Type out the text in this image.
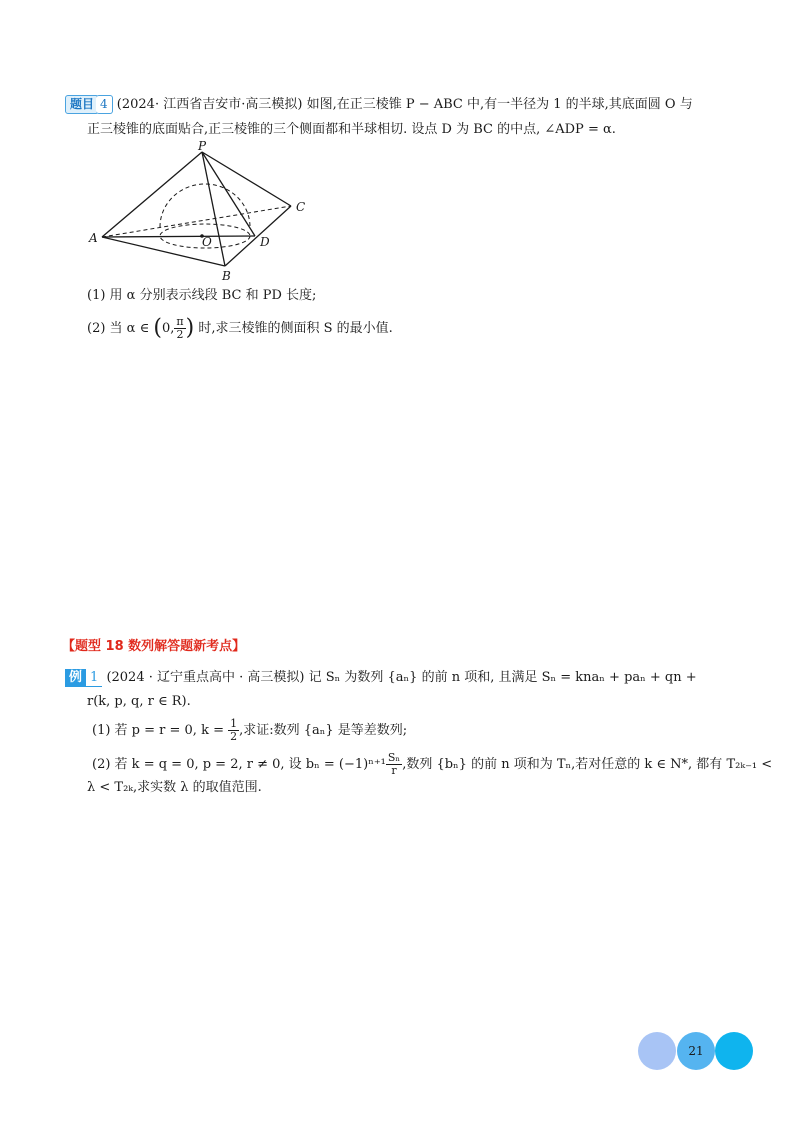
题目 4 (2024· 江西省吉安市·高三模拟) 如图,在正三棱锥 P − ABC 中,有一半径为 1 的半球,其底面圆 O 与
正三棱锥的底面贴合,正三棱锥的三个侧面都和半球相切. 设点 D 为 BC 的中点, ∠ADP = α.
P
A
B
C
D
O
(1) 用 α 分别表示线段 BC 和 PD 长度;
(2) 当 α ∈ (0, $\frac{\pi}{2}$ ) 时,求三棱锥的侧面积 S 的最小值.
【题型 18 数列解答题新考点】
例 1 (2024 · 辽宁重点高中 · 高三模拟) 记 Sₙ 为数列 {aₙ} 的前 n 项和, 且满足 Sₙ = knaₙ + paₙ + qn +
r(k, p, q, r ∈ R).
(1) 若 p = r = 0, $k = \frac{1}{2}$ ,求证:数列 {aₙ} 是等差数列;
(2) 若 k = q = 0, p = 2, r ≠ 0, 设 $b_n = (-1)^{n+1} \frac{\text{Sₙ}}{r}$ ,数列 {bₙ} 的前 n 项和为 Tₙ,若对任意的 k ∈ N*, 都有 T₂ₖ₋₁ <
λ < T₂ₖ,求实数 λ 的取值范围.
21
